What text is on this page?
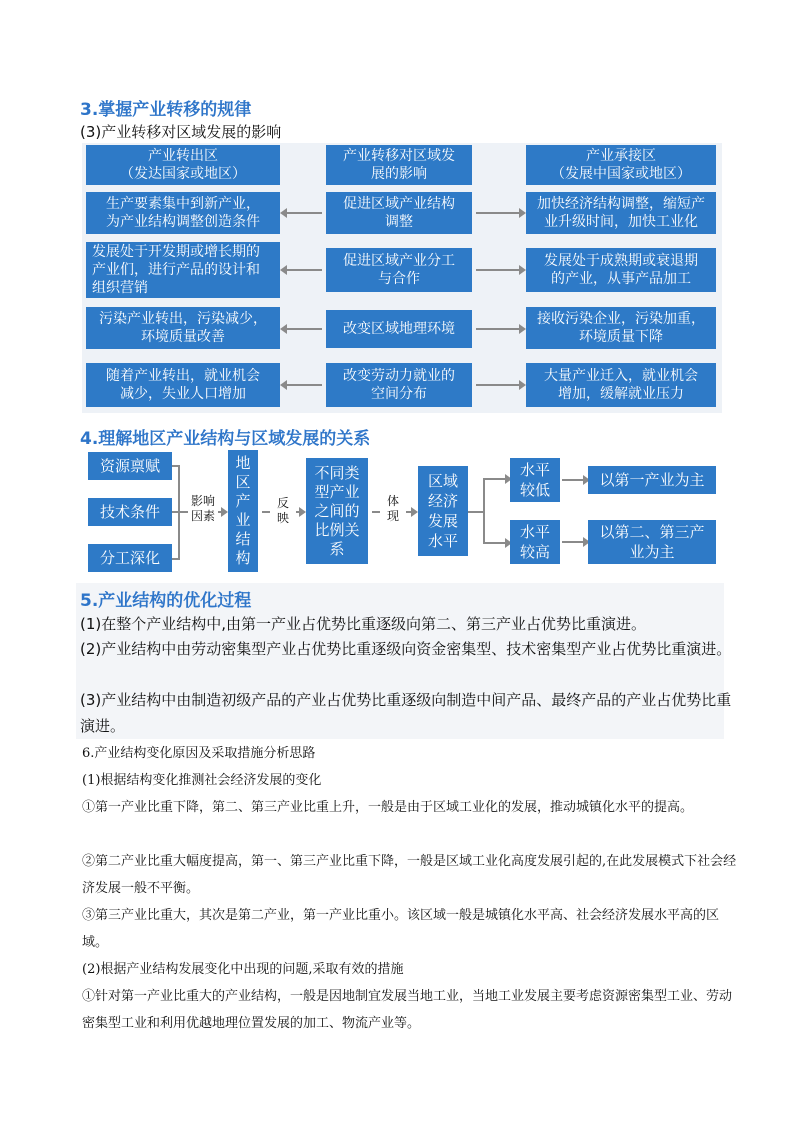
3.掌握产业转移的规律
(3)产业转移对区域发展的影响
产业转出区
（发达国家或地区）
产业转移对区域发
展的影响
产业承接区
（发展中国家或地区）
生产要素集中到新产业，
为产业结构调整创造条件
促进区域产业结构
调整
加快经济结构调整，缩短产
业升级时间，加快工业化
发展处于开发期或增长期的
产业们，进行产品的设计和
组织营销
促进区域产业分工
与合作
发展处于成熟期或衰退期
的产业，从事产品加工
污染产业转出，污染减少，
环境质量改善	改变区域地理环境
接收污染企业，污染加重，
环境质量下降
随着产业转出，就业机会
减少，失业人口增加
改变劳动力就业的
空间分布
大量产业迁入，就业机会
增加，缓解就业压力
4.理解地区产业结构与区域发展的关系
资源禀赋
技术条件
分工深化
影响
因素
地
区
产
业
结
构
反
映
不同类
型产业
之间的
比例关
系
体
现
区域
经济
发展
水平
水平
较低
水平
较高
以第一产业为主
以第二、第三产
业为主
5.产业结构的优化过程
(1)在整个产业结构中,由第一产业占优势比重逐级向第二、第三产业占优势比重演进。
(2)产业结构中由劳动密集型产业占优势比重逐级向资金密集型、技术密集型产业占优势比重演进。
(3)产业结构中由制造初级产品的产业占优势比重逐级向制造中间产品、最终产品的产业占优势比重演进。
6.产业结构变化原因及采取措施分析思路
(1)根据结构变化推测社会经济发展的变化
①第一产业比重下降，第二、第三产业比重上升，一般是由于区域工业化的发展，推动城镇化水平的提高。
②第二产业比重大幅度提高，第一、第三产业比重下降，一般是区域工业化高度发展引起的,在此发展模式下社会经济发展一般不平衡。
③第三产业比重大，其次是第二产业，第一产业比重小。该区域一般是城镇化水平高、社会经济发展水平高的区域。
(2)根据产业结构发展变化中出现的问题,采取有效的措施
①针对第一产业比重大的产业结构，一般是因地制宜发展当地工业，当地工业发展主要考虑资源密集型工业、劳动密集型工业和利用优越地理位置发展的加工、物流产业等。
